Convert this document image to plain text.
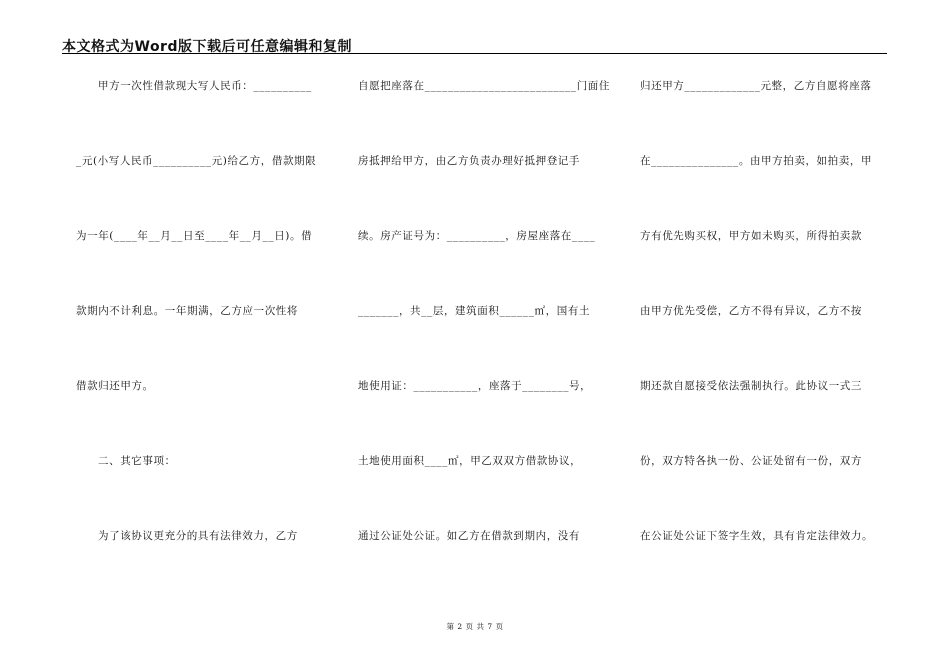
本文格式为Word版下载后可任意编辑和复制
甲方一次性借款现大写人民币：__________
_元(小写人民币__________元)给乙方，借款期限
为一年(____年__月__日至____年__月__日)。借
款期内不计利息。一年期满，乙方应一次性将
借款归还甲方。
二、其它事项：
为了该协议更充分的具有法律效力，乙方
自愿把座落在__________________________门面住
房抵押给甲方，由乙方负责办理好抵押登记手
续。房产证号为：__________，房屋座落在____
_______，共__层，建筑面积______㎡，国有土
地使用证：___________，座落于________号，
土地使用面积____㎡，甲乙双双方借款协议，
通过公证处公证。如乙方在借款到期内，没有
归还甲方_____________元整，乙方自愿将座落
在_______________。由甲方拍卖，如拍卖，甲
方有优先购买权，甲方如未购买，所得拍卖款
由甲方优先受偿，乙方不得有异议，乙方不按
期还款自愿接受依法强制执行。此协议一式三
份，双方特各执一份、公证处留有一份，双方
在公证处公证下签字生效，具有肯定法律效力。
第 2 页 共 7 页
